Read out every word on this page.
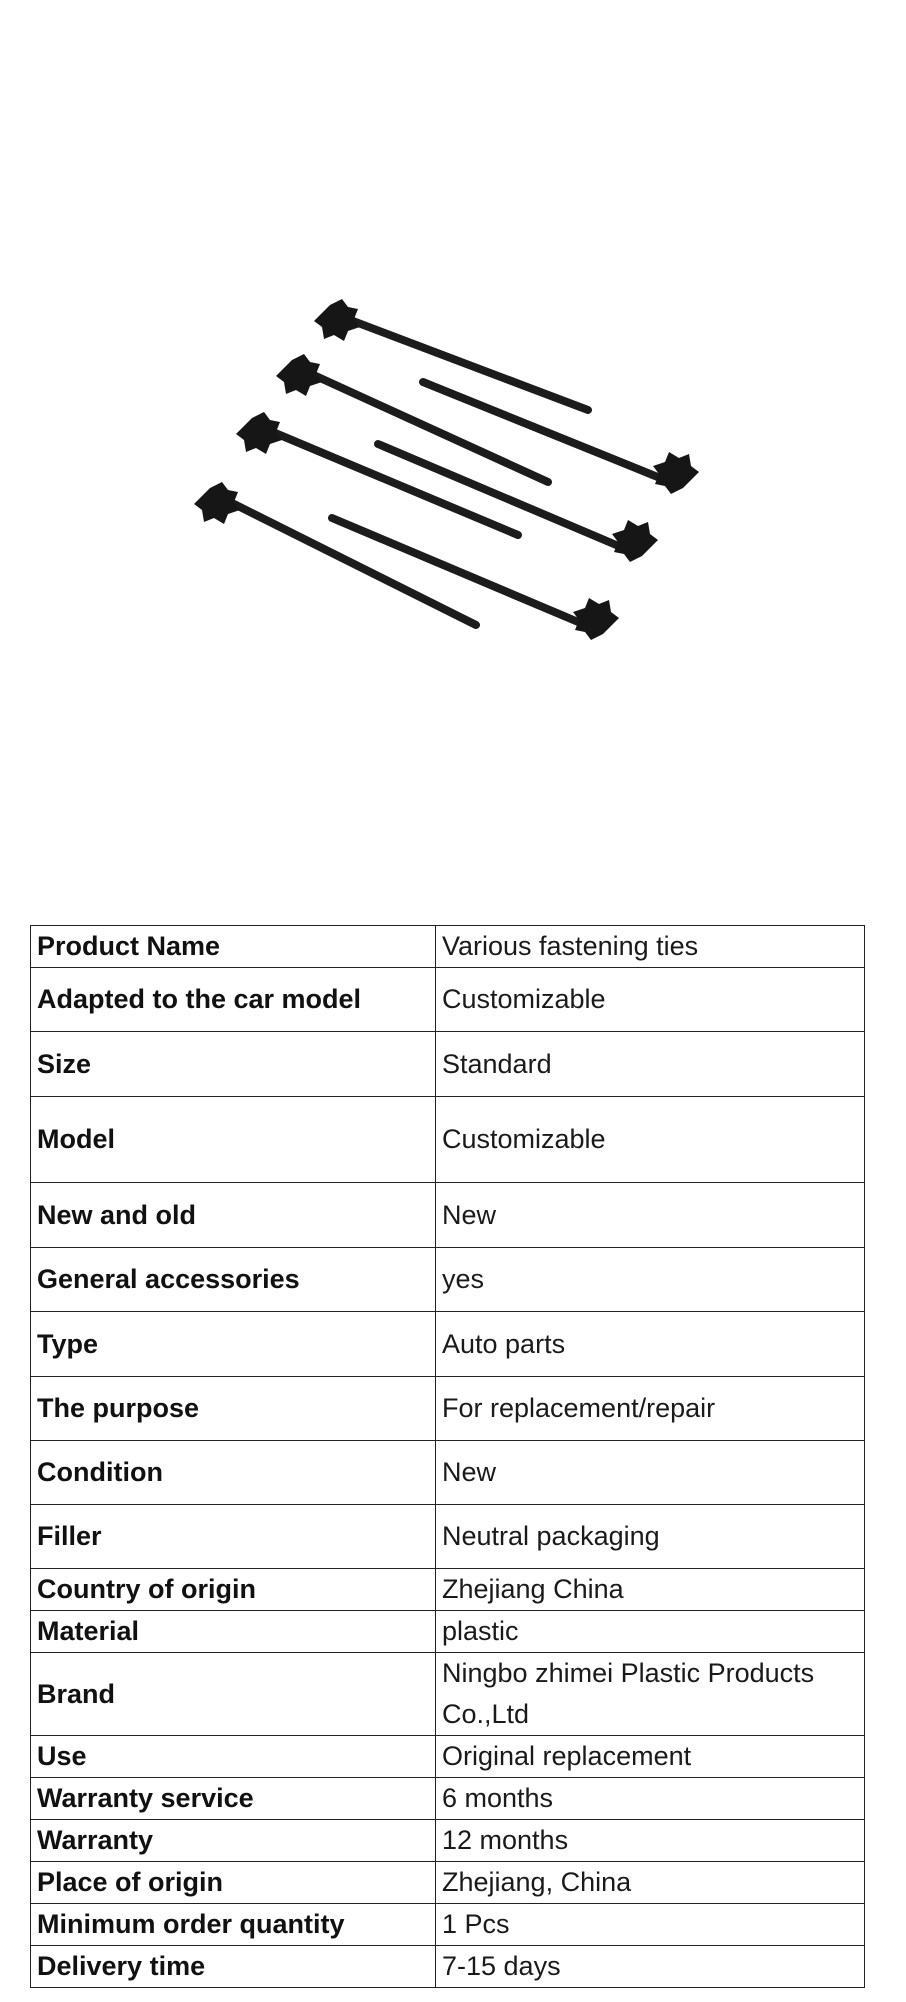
Product Name	Various fastening ties
Adapted to the car model	Customizable
Size	Standard
Model	Customizable
New and old	New
General accessories	yes
Type	Auto parts
The purpose	For replacement/repair
Condition	New
Filler	Neutral packaging
Country of origin	Zhejiang China
Material	plastic
Brand	Ningbo zhimei Plastic Products Co.,Ltd
Use	Original replacement
Warranty service	6 months
Warranty	12 months
Place of origin	Zhejiang, China
Minimum order quantity	1 Pcs
Delivery time	7-15 days
